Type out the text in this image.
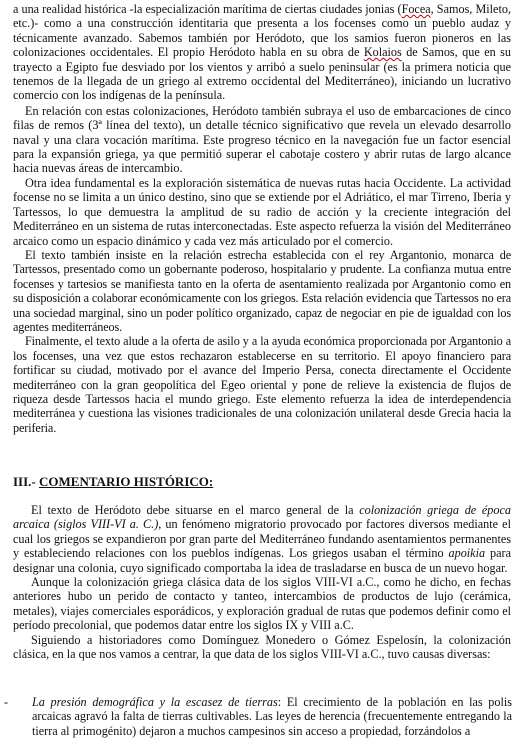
a una realidad histórica -la especialización marítima de ciertas ciudades jonias (Focea, Samos, Mileto, etc.)- como a una construcción identitaria que presenta a los focenses como un pueblo audaz y técnicamente avanzado. Sabemos también por Heródoto, que los samios fueron pioneros en las colonizaciones occidentales. El propio Heródoto habla en su obra de Kolaios de Samos, que en su trayecto a Egipto fue desviado por los vientos y arribó a suelo peninsular (es la primera noticia que tenemos de la llegada de un griego al extremo occidental del Mediterráneo), iniciando un lucrativo comercio con los indígenas de la península.

En relación con estas colonizaciones, Heródoto también subraya el uso de embarcaciones de cinco filas de remos (3ª línea del texto), un detalle técnico significativo que revela un elevado desarrollo naval y una clara vocación marítima. Este progreso técnico en la navegación fue un factor esencial para la expansión griega, ya que permitió superar el cabotaje costero y abrir rutas de largo alcance hacia nuevas áreas de intercambio.

Otra idea fundamental es la exploración sistemática de nuevas rutas hacia Occidente. La actividad focense no se limita a un único destino, sino que se extiende por el Adriático, el mar Tirreno, Iberia y Tartessos, lo que demuestra la amplitud de su radio de acción y la creciente integración del Mediterráneo en un sistema de rutas interconectadas. Este aspecto refuerza la visión del Mediterráneo arcaico como un espacio dinámico y cada vez más articulado por el comercio.

El texto también insiste en la relación estrecha establecida con el rey Argantonio, monarca de Tartessos, presentado como un gobernante poderoso, hospitalario y prudente. La confianza mutua entre focenses y tartesios se manifiesta tanto en la oferta de asentamiento realizada por Argantonio como en su disposición a colaborar económicamente con los griegos. Esta relación evidencia que Tartessos no era una sociedad marginal, sino un poder político organizado, capaz de negociar en pie de igualdad con los agentes mediterráneos.

Finalmente, el texto alude a la oferta de asilo y a la ayuda económica proporcionada por Argantonio a los focenses, una vez que estos rechazaron establecerse en su territorio. El apoyo financiero para fortificar su ciudad, motivado por el avance del Imperio Persa, conecta directamente el Occidente mediterráneo con la gran geopolítica del Egeo oriental y pone de relieve la existencia de flujos de riqueza desde Tartessos hacia el mundo griego. Este elemento refuerza la idea de interdependencia mediterránea y cuestiona las visiones tradicionales de una colonización unilateral desde Grecia hacia la periferia.

III.- COMENTARIO HISTÓRICO:

El texto de Heródoto debe situarse en el marco general de la colonización griega de época arcaica (siglos VIII-VI a. C.), un fenómeno migratorio provocado por factores diversos mediante el cual los griegos se expandieron por gran parte del Mediterráneo fundando asentamientos permanentes y estableciendo relaciones con los pueblos indígenas. Los griegos usaban el término apoikia para designar una colonia, cuyo significado comportaba la idea de trasladarse en busca de un nuevo hogar.

Aunque la colonización griega clásica data de los siglos VIII-VI a.C., como he dicho, en fechas anteriores hubo un perido de contacto y tanteo, intercambios de productos de lujo (cerámica, metales), viajes comerciales esporádicos, y exploración gradual de rutas que podemos definir como el período precolonial, que podemos datar entre los siglos IX y VIII a.C.

Siguiendo a historiadores como Domínguez Monedero o Gómez Espelosín, la colonización clásica, en la que nos vamos a centrar, la que data de los siglos VIII-VI a.C., tuvo causas diversas:

- La presión demográfica y la escasez de tierras: El crecimiento de la población en las polis arcaicas agravó la falta de tierras cultivables. Las leyes de herencia (frecuentemente entregando la tierra al primogénito) dejaron a muchos campesinos sin acceso a propiedad, forzándolos a
